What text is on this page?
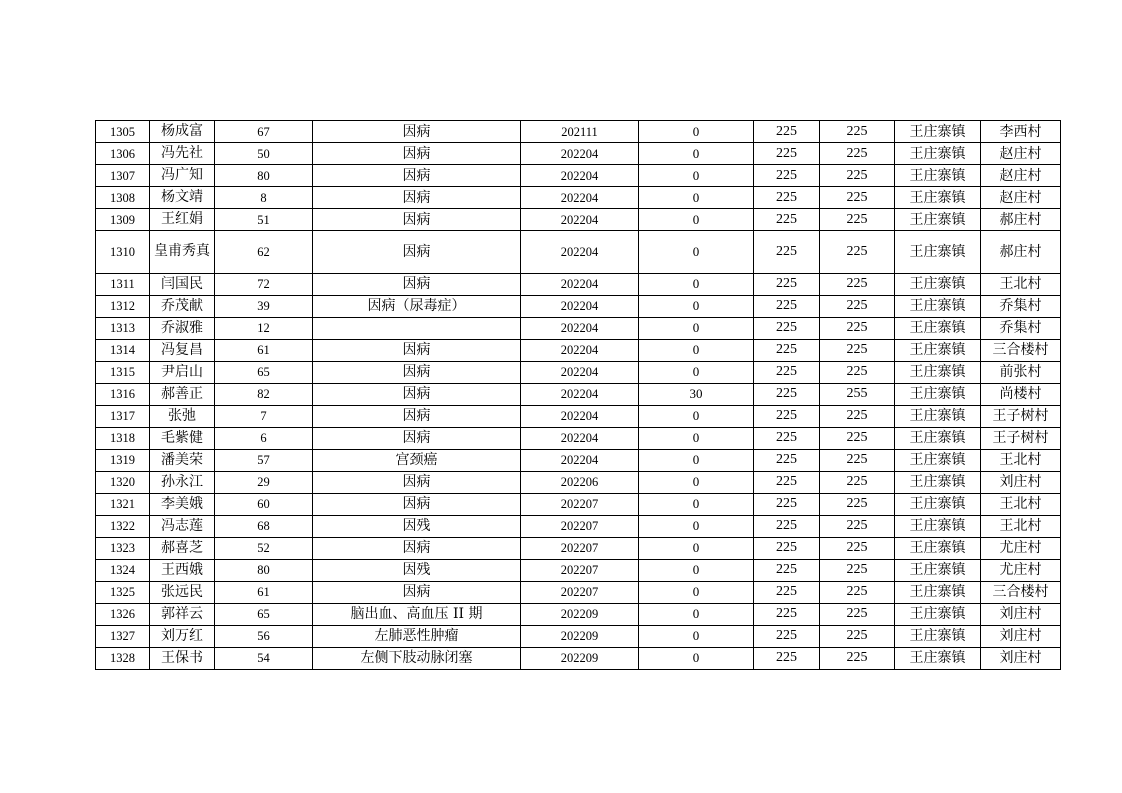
1305	杨成富	67	因病	202111	0	225	225	王庄寨镇	李西村
1306	冯先社	50	因病	202204	0	225	225	王庄寨镇	赵庄村
1307	冯广知	80	因病	202204	0	225	225	王庄寨镇	赵庄村
1308	杨文靖	8	因病	202204	0	225	225	王庄寨镇	赵庄村
1309	王红娟	51	因病	202204	0	225	225	王庄寨镇	郝庄村
1310	皇甫秀真	62	因病	202204	0	225	225	王庄寨镇	郝庄村
1311	闫国民	72	因病	202204	0	225	225	王庄寨镇	王北村
1312	乔茂献	39	因病（尿毒症）	202204	0	225	225	王庄寨镇	乔集村
1313	乔淑雅	12		202204	0	225	225	王庄寨镇	乔集村
1314	冯复昌	61	因病	202204	0	225	225	王庄寨镇	三合楼村
1315	尹启山	65	因病	202204	0	225	225	王庄寨镇	前张村
1316	郝善正	82	因病	202204	30	225	255	王庄寨镇	尚楼村
1317	张弛	7	因病	202204	0	225	225	王庄寨镇	王子树村
1318	毛紫健	6	因病	202204	0	225	225	王庄寨镇	王子树村
1319	潘美荣	57	宫颈癌	202204	0	225	225	王庄寨镇	王北村
1320	孙永江	29	因病	202206	0	225	225	王庄寨镇	刘庄村
1321	李美娥	60	因病	202207	0	225	225	王庄寨镇	王北村
1322	冯志莲	68	因残	202207	0	225	225	王庄寨镇	王北村
1323	郝喜芝	52	因病	202207	0	225	225	王庄寨镇	尤庄村
1324	王西娥	80	因残	202207	0	225	225	王庄寨镇	尤庄村
1325	张远民	61	因病	202207	0	225	225	王庄寨镇	三合楼村
1326	郭祥云	65	脑出血、高血压 II 期	202209	0	225	225	王庄寨镇	刘庄村
1327	刘万红	56	左肺恶性肿瘤	202209	0	225	225	王庄寨镇	刘庄村
1328	王保书	54	左侧下肢动脉闭塞	202209	0	225	225	王庄寨镇	刘庄村
